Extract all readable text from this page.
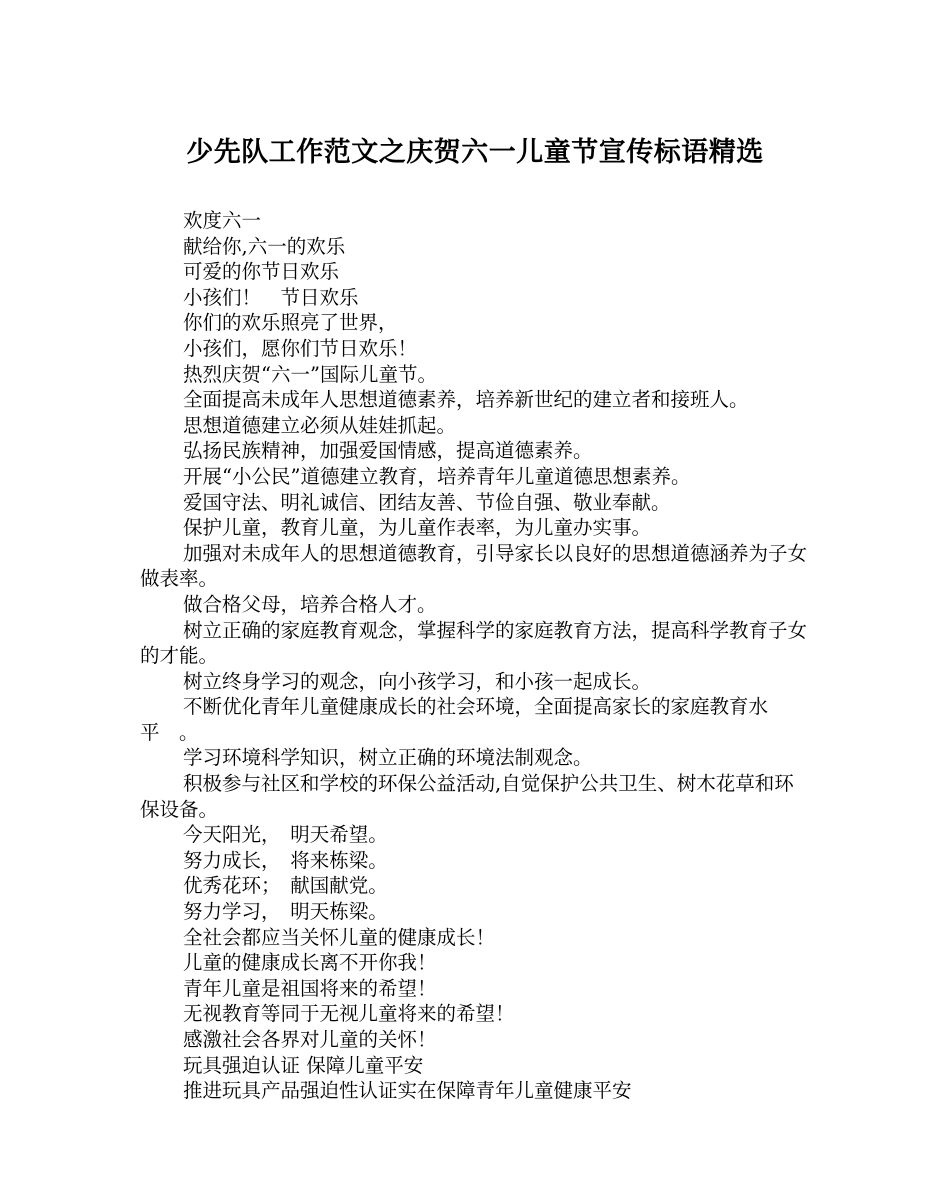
少先队工作范文之庆贺六一儿童节宣传标语精选

欢度六一

献给你,六一的欢乐

可爱的你节日欢乐

小孩们！　节日欢乐

你们的欢乐照亮了世界，

小孩们，愿你们节日欢乐！

热烈庆贺“六一”国际儿童节。

全面提高未成年人思想道德素养，培养新世纪的建立者和接班人。

思想道德建立必须从娃娃抓起。

弘扬民族精神，加强爱国情感，提高道德素养。

开展“小公民”道德建立教育，培养青年儿童道德思想素养。

爱国守法、明礼诚信、团结友善、节俭自强、敬业奉献。

保护儿童，教育儿童，为儿童作表率，为儿童办实事。

加强对未成年人的思想道德教育，引导家长以良好的思想道德涵养为子女做表率。

做合格父母，培养合格人才。

树立正确的家庭教育观念，掌握科学的家庭教育方法，提高科学教育子女的才能。

树立终身学习的观念，向小孩学习，和小孩一起成长。

不断优化青年儿童健康成长的社会环境，全面提高家长的家庭教育水平　。

学习环境科学知识，树立正确的环境法制观念。

积极参与社区和学校的环保公益活动,自觉保护公共卫生、树木花草和环保设备。

今天阳光，　明天希望。

努力成长，　将来栋梁。

优秀花环；　献国献党。

努力学习，　明天栋梁。

全社会都应当关怀儿童的健康成长！

儿童的健康成长离不开你我！

青年儿童是祖国将来的希望！

无视教育等同于无视儿童将来的希望！

感激社会各界对儿童的关怀！

玩具强迫认证 保障儿童平安

推进玩具产品强迫性认证实在保障青年儿童健康平安
